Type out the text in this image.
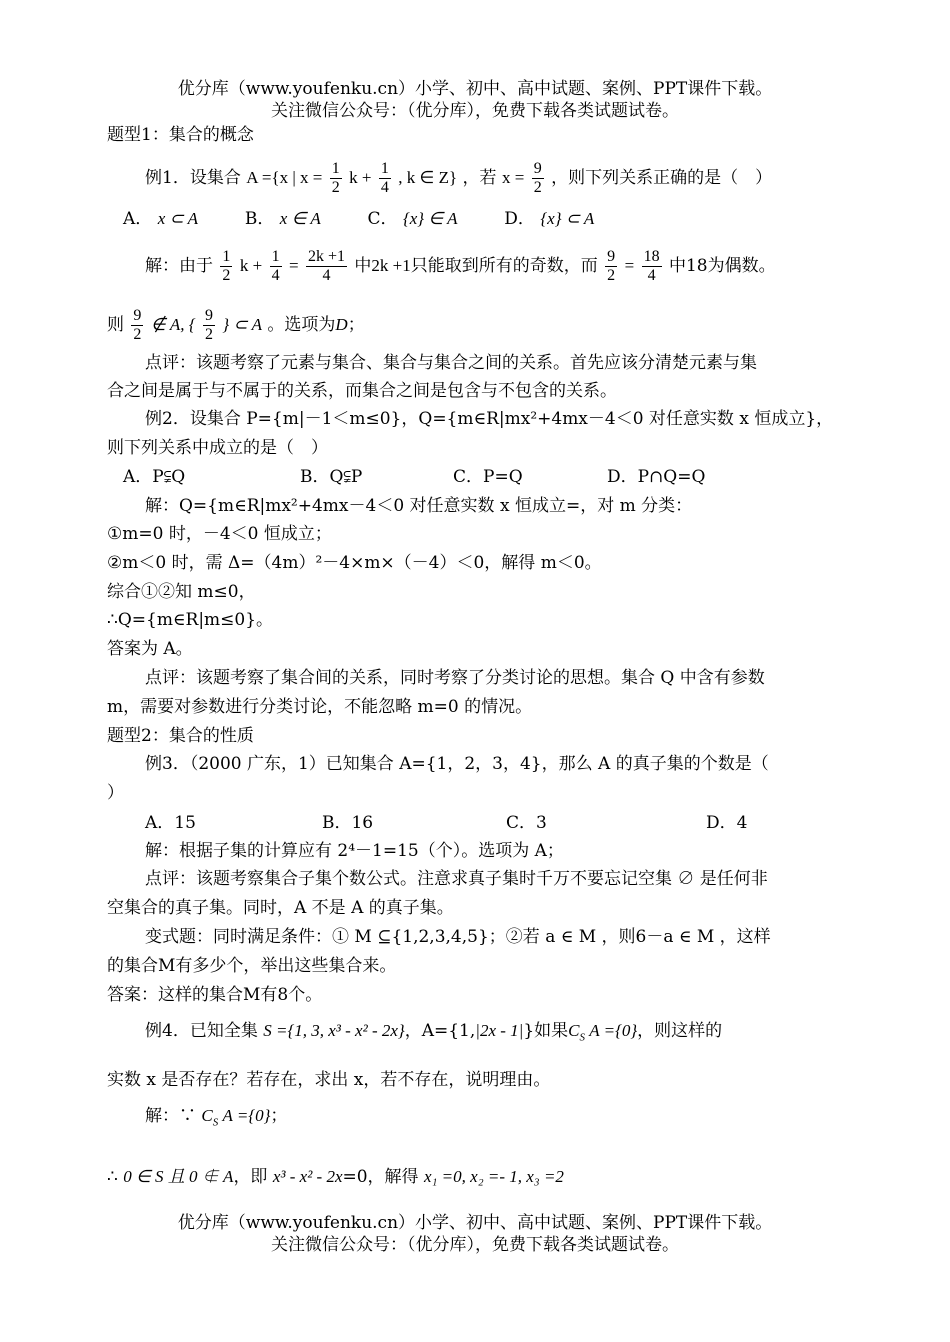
优分库（www.youfenku.cn）小学、初中、高中试题、案例、PPT课件下载。
关注微信公众号：（优分库），免费下载各类试题试卷。
题型1：集合的概念
例1．设集合 A ={x | $x = \frac{1}{2}$ $k + \frac{1}{4}$ , k ∈ Z} ，若 $x = \frac{9}{2}$ ，则下列关系正确的是（　）
A． x ⊂ A	B． x ∈ A	C． {x} ∈ A	D． {x} ⊂ A
解：由于 $\frac{1}{2}$ $k + \frac{1}{4} = \frac{2k +1}{4}$ 中2k +1只能取到所有的奇数，而 $\frac{9}{2} = \frac{18}{4}$ 中18为偶数。
则 $\frac{9}{2}$ ∉ A, { $\frac{9}{2}$ } ⊂ A 。选项为D；
点评：该题考察了元素与集合、集合与集合之间的关系。首先应该分清楚元素与集
合之间是属于与不属于的关系，而集合之间是包含与不包含的关系。
例2．设集合 P={m|－1＜m≤0}，Q={m∈R|mx²+4mx－4＜0 对任意实数 x 恒成立}，
则下列关系中成立的是（　）
A．P⫋Q	B．Q⫋P	C．P=Q	D．P∩Q=Q
解：Q={m∈R|mx²+4mx－4＜0 对任意实数 x 恒成立=，对 m 分类：
①m=0 时，－4＜0 恒成立；
②m＜0 时，需 Δ=（4m）²－4×m×（－4）＜0，解得 m＜0。
综合①②知 m≤0，
∴Q={m∈R|m≤0}。
答案为 A。
点评：该题考察了集合间的关系，同时考察了分类讨论的思想。集合 Q 中含有参数
m，需要对参数进行分类讨论，不能忽略 m=0 的情况。
题型2：集合的性质
例3．（2000 广东，1）已知集合 A={1，2，3，4}，那么 A 的真子集的个数是（
）
A．15	B．16	C．3	D．4
解：根据子集的计算应有 2⁴－1=15（个）。选项为 A；
点评：该题考察集合子集个数公式。注意求真子集时千万不要忘记空集 ∅ 是任何非
空集合的真子集。同时，A 不是 A 的真子集。
变式题：同时满足条件：① M ⊆{1,2,3,4,5}；②若 a ∈ M ，则6－a ∈ M ，这样
的集合M有多少个，举出这些集合来。
答案：这样的集合M有8个。
例4．已知全集 S ={1, 3, x³ - x² - 2x}，A={1,|2x - 1|}如果$C_S$ A ={0}，则这样的
实数 x 是否存在？若存在，求出 x，若不存在，说明理由。
解：∵ $C_S$ A ={0}；
∴ 0 ∈ S 且 0 ∉ A，即 x³ - x² - 2x=0，解得 x₁ =0, x₂ =- 1, x₃ =2
优分库（www.youfenku.cn）小学、初中、高中试题、案例、PPT课件下载。
关注微信公众号：（优分库），免费下载各类试题试卷。
